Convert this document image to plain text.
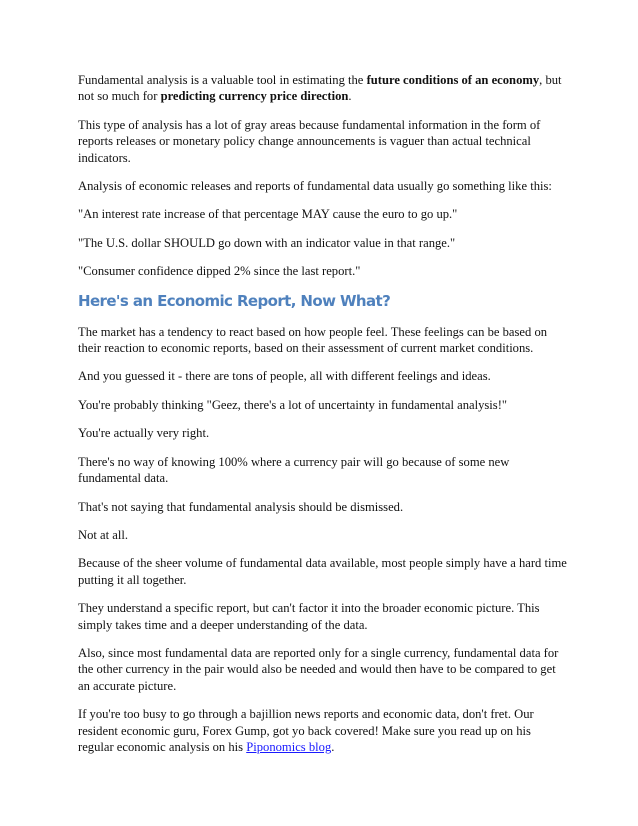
Fundamental analysis is a valuable tool in estimating the future conditions of an economy, but not so much for predicting currency price direction.

This type of analysis has a lot of gray areas because fundamental information in the form of reports releases or monetary policy change announcements is vaguer than actual technical indicators.

Analysis of economic releases and reports of fundamental data usually go something like this:

"An interest rate increase of that percentage MAY cause the euro to go up."

"The U.S. dollar SHOULD go down with an indicator value in that range."

"Consumer confidence dipped 2% since the last report."

Here's an Economic Report, Now What?

The market has a tendency to react based on how people feel. These feelings can be based on their reaction to economic reports, based on their assessment of current market conditions.

And you guessed it - there are tons of people, all with different feelings and ideas.

You're probably thinking "Geez, there's a lot of uncertainty in fundamental analysis!"

You're actually very right.

There's no way of knowing 100% where a currency pair will go because of some new fundamental data.

That's not saying that fundamental analysis should be dismissed.

Not at all.

Because of the sheer volume of fundamental data available, most people simply have a hard time putting it all together.

They understand a specific report, but can't factor it into the broader economic picture. This simply takes time and a deeper understanding of the data.

Also, since most fundamental data are reported only for a single currency, fundamental data for the other currency in the pair would also be needed and would then have to be compared to get an accurate picture.

If you're too busy to go through a bajillion news reports and economic data, don't fret. Our resident economic guru, Forex Gump, got yo back covered! Make sure you read up on his regular economic analysis on his Piponomics blog.
